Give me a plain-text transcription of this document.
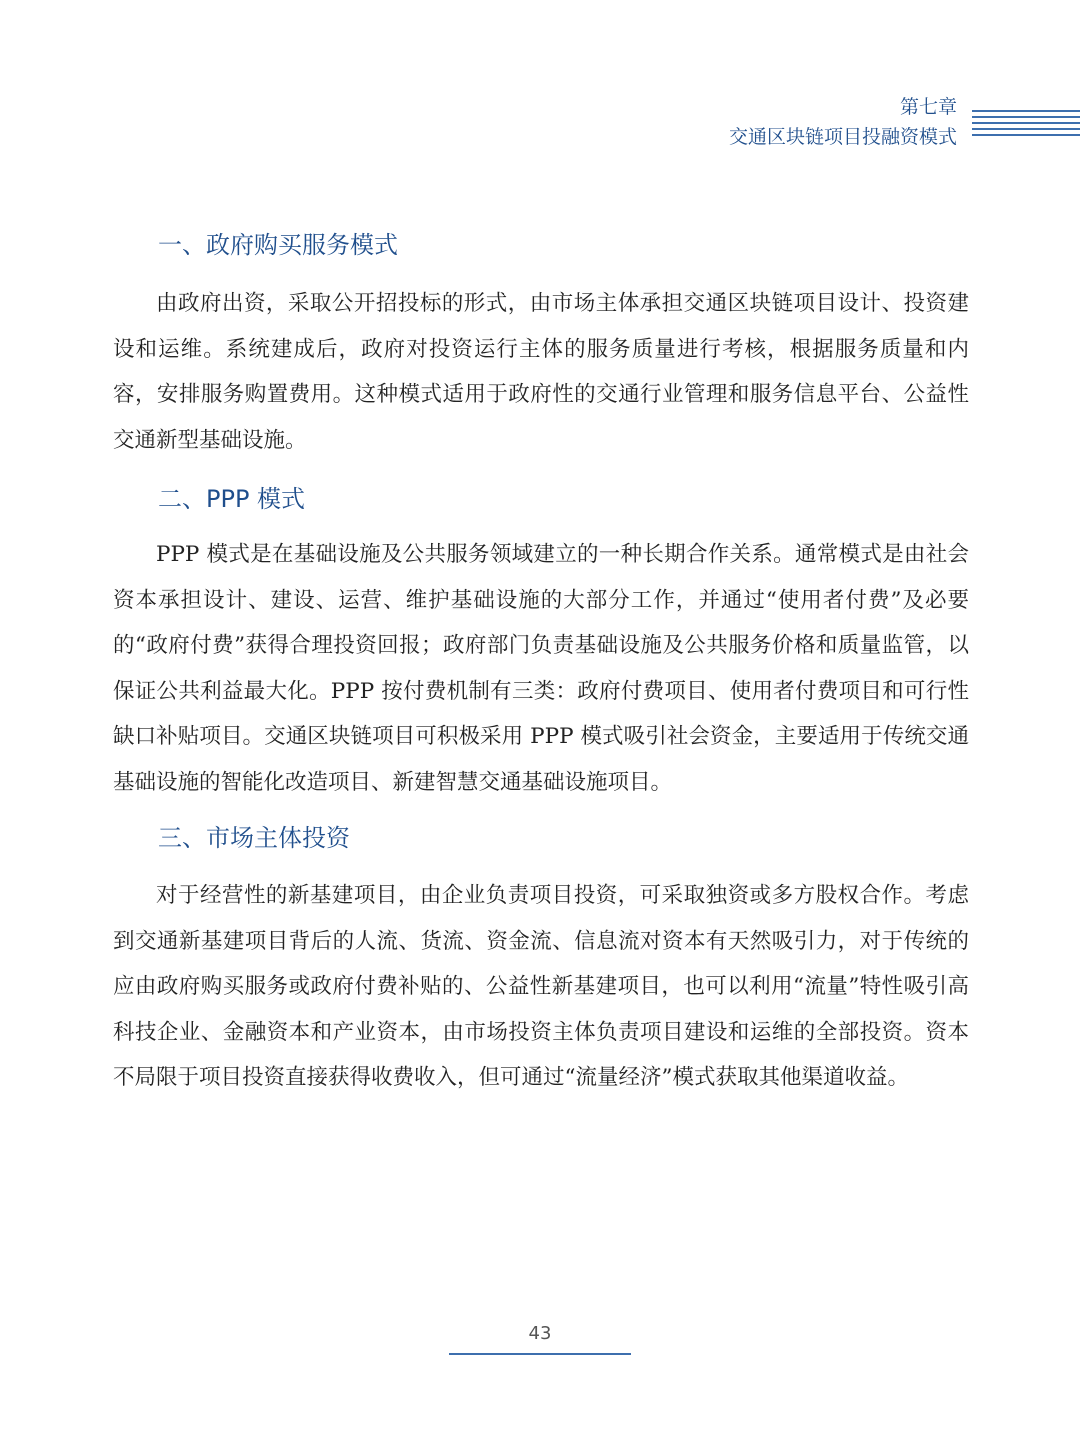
第七章
交通区块链项目投融资模式
一、政府购买服务模式
由政府出资，采取公开招投标的形式，由市场主体承担交通区块链项目设计、投资建设和运维。系统建成后，政府对投资运行主体的服务质量进行考核，根据服务质量和内容，安排服务购置费用。这种模式适用于政府性的交通行业管理和服务信息平台、公益性交通新型基础设施。
二、PPP 模式
PPP 模式是在基础设施及公共服务领域建立的一种长期合作关系。通常模式是由社会资本承担设计、建设、运营、维护基础设施的大部分工作，并通过“使用者付费”及必要的“政府付费”获得合理投资回报；政府部门负责基础设施及公共服务价格和质量监管，以保证公共利益最大化。PPP 按付费机制有三类：政府付费项目、使用者付费项目和可行性缺口补贴项目。交通区块链项目可积极采用 PPP 模式吸引社会资金，主要适用于传统交通基础设施的智能化改造项目、新建智慧交通基础设施项目。
三、市场主体投资
对于经营性的新基建项目，由企业负责项目投资，可采取独资或多方股权合作。考虑到交通新基建项目背后的人流、货流、资金流、信息流对资本有天然吸引力，对于传统的应由政府购买服务或政府付费补贴的、公益性新基建项目，也可以利用“流量”特性吸引高科技企业、金融资本和产业资本，由市场投资主体负责项目建设和运维的全部投资。资本不局限于项目投资直接获得收费收入，但可通过“流量经济”模式获取其他渠道收益。
43
